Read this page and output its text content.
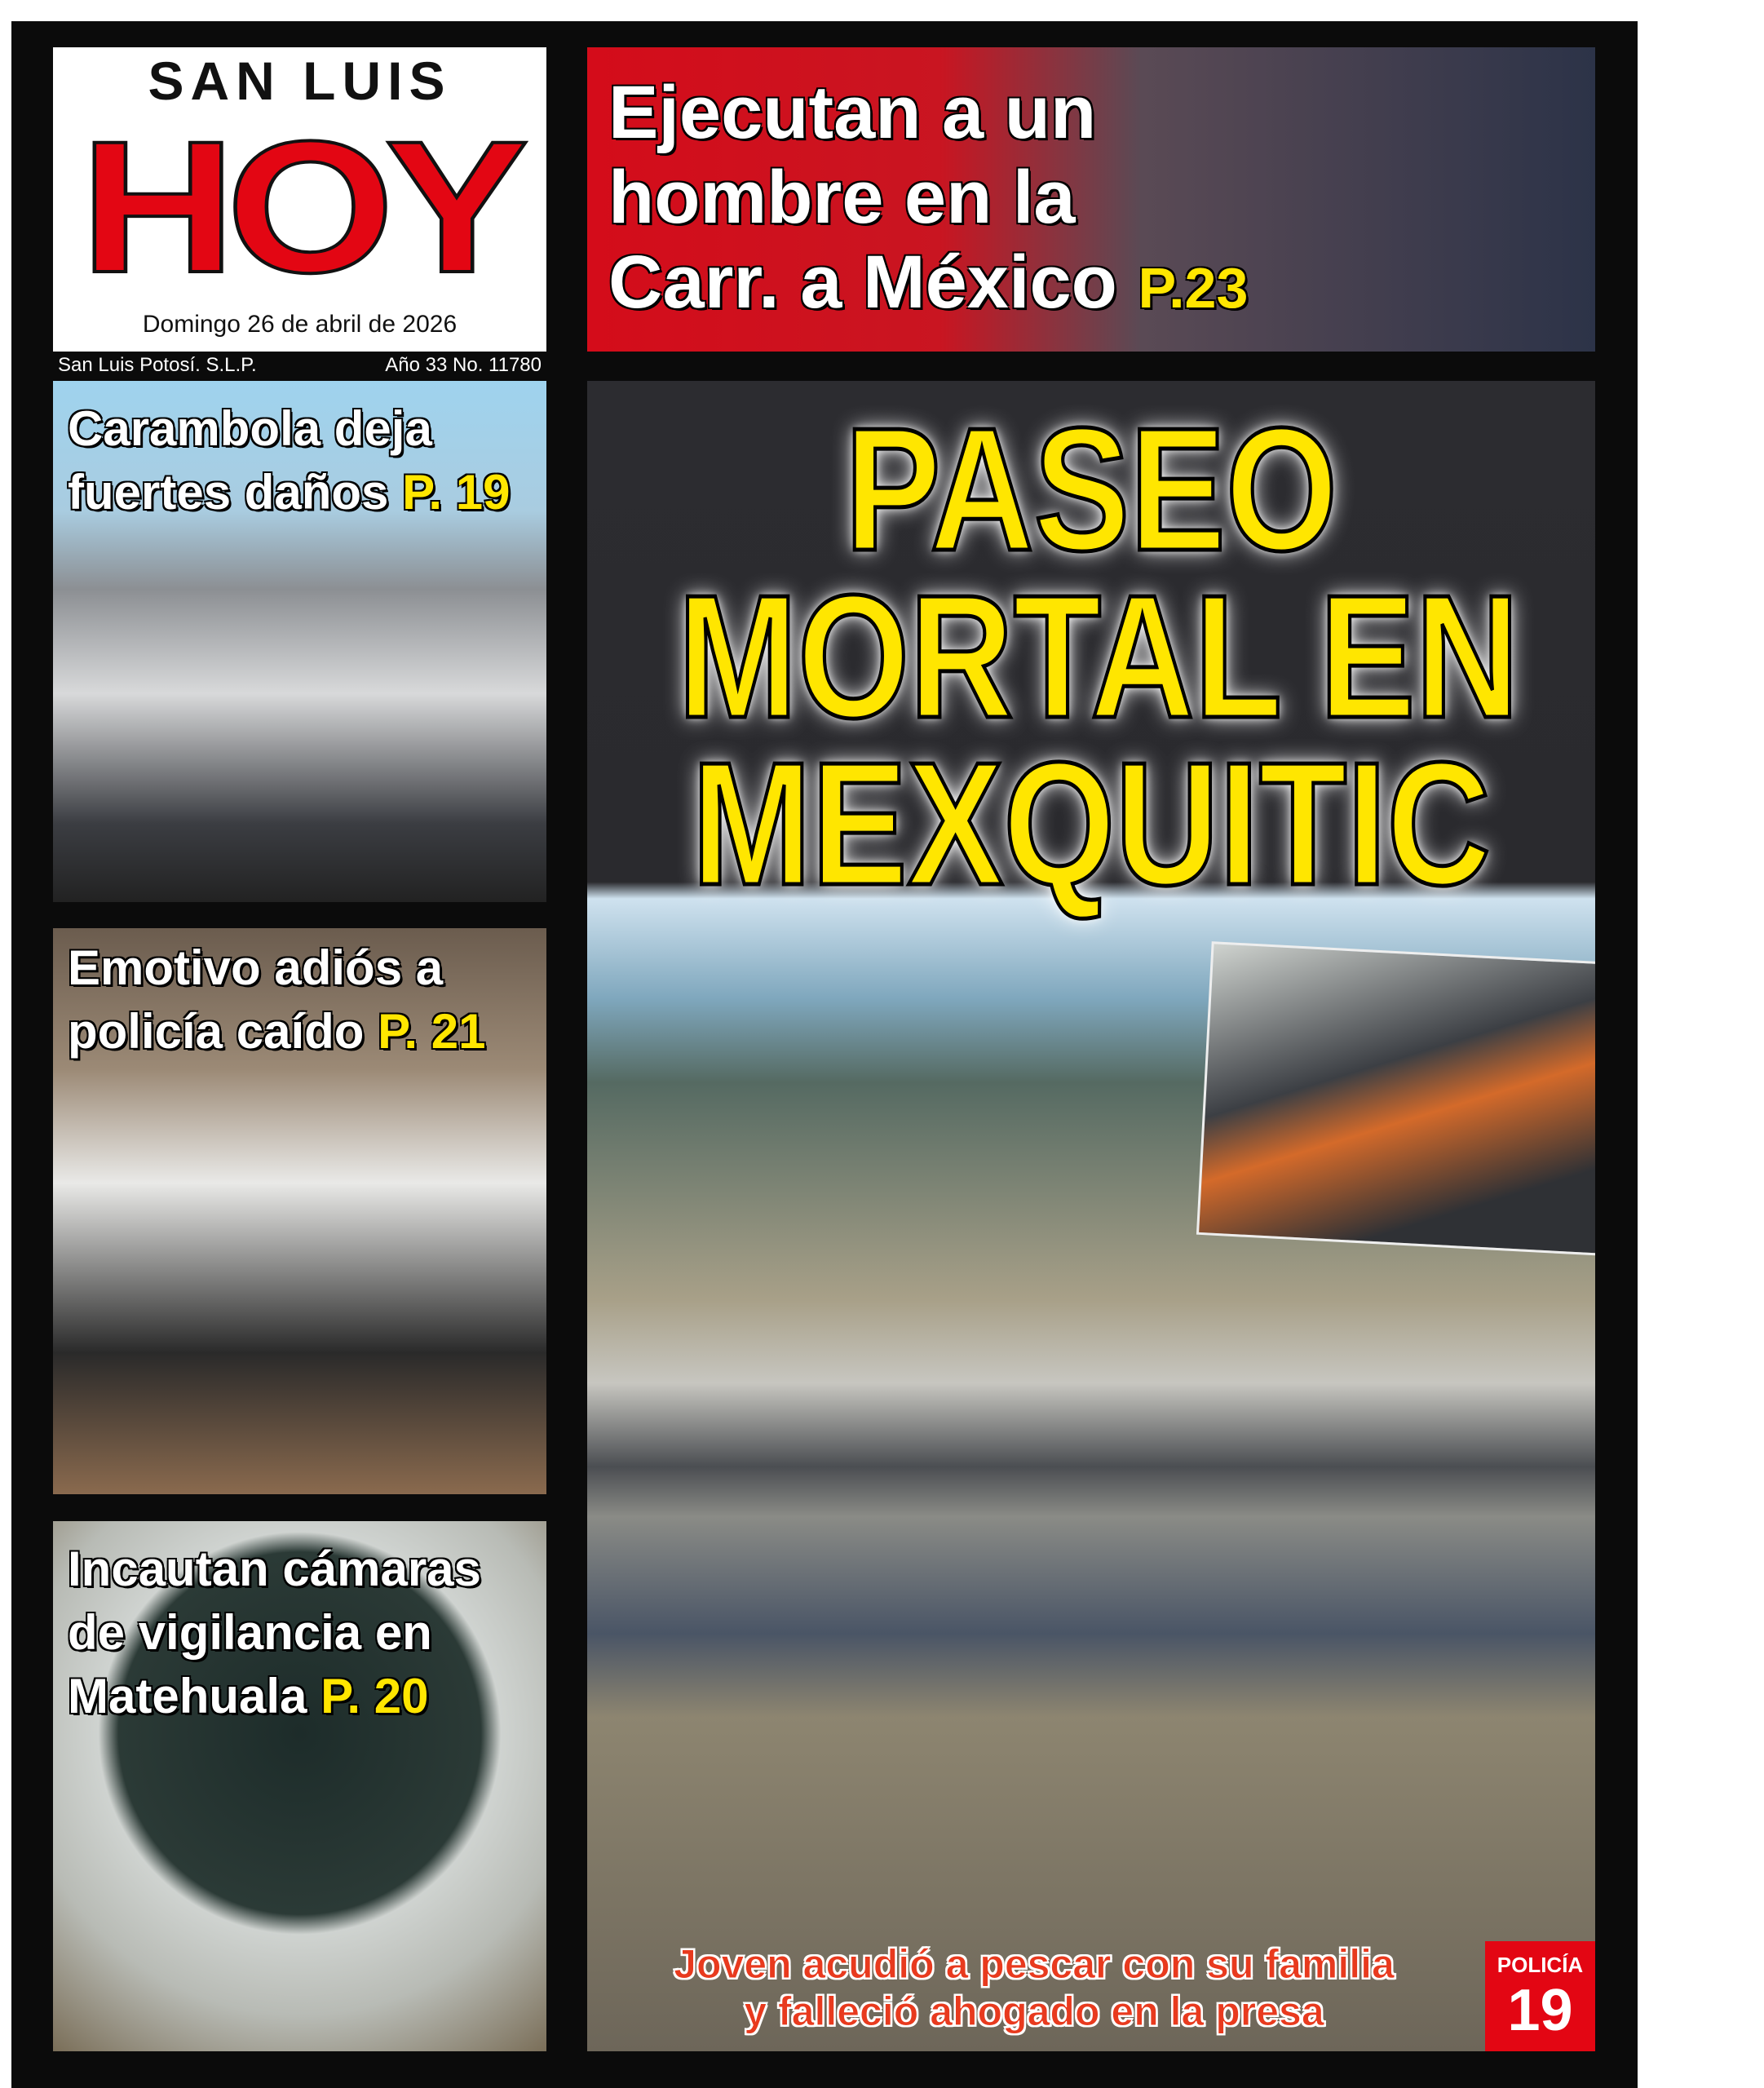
SAN LUIS
HOY
Domingo 26 de abril de 2026
San Luis Potosí. S.L.P.	Año 33 No. 11780
Ejecutan a un
hombre en la
Carr. a México P.23
Carambola deja
fuertes daños P. 19
Emotivo adiós a
policía caído P. 21
Incautan cámaras
de vigilancia en
Matehuala P. 20
PASEO
MORTAL EN
MEXQUITIC
Joven acudió a pescar con su familia
y falleció ahogado en la presa
POLICÍA
19
